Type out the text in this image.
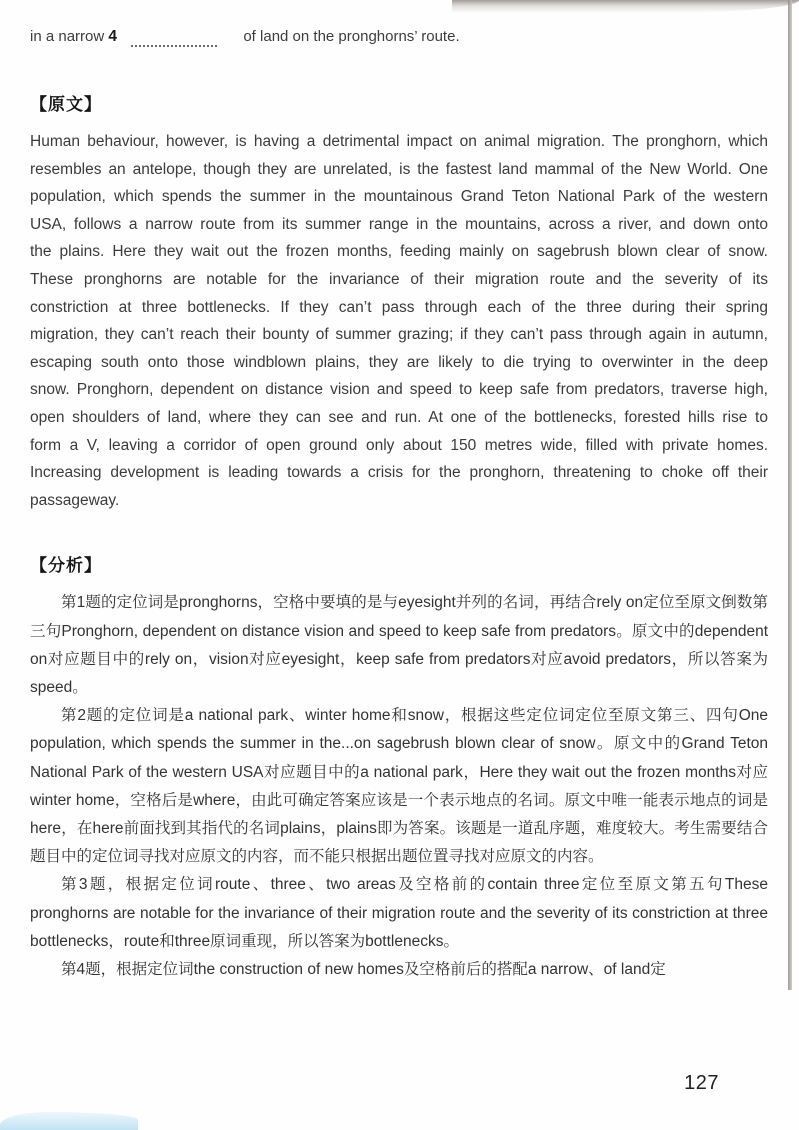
in a narrow 4	of land on the pronghorns’ route.

【原文】

Human behaviour, however, is having a detrimental impact on animal migration. The pronghorn, which resembles an antelope, though they are unrelated, is the fastest land mammal of the New World. One population, which spends the summer in the mountainous Grand Teton National Park of the western USA, follows a narrow route from its summer range in the mountains, across a river, and down onto the plains. Here they wait out the frozen months, feeding mainly on sagebrush blown clear of snow. These pronghorns are notable for the invariance of their migration route and the severity of its constriction at three bottlenecks. If they can’t pass through each of the three during their spring migration, they can’t reach their bounty of summer grazing; if they can’t pass through again in autumn, escaping south onto those windblown plains, they are likely to die trying to overwinter in the deep snow. Pronghorn, dependent on distance vision and speed to keep safe from predators, traverse high, open shoulders of land, where they can see and run. At one of the bottlenecks, forested hills rise to form a V, leaving a corridor of open ground only about 150 metres wide, filled with private homes. Increasing development is leading towards a crisis for the pronghorn, threatening to choke off their passageway.

【分析】

第1题的定位词是pronghorns，空格中要填的是与eyesight并列的名词，再结合rely on定位至原文倒数第三句Pronghorn, dependent on distance vision and speed to keep safe from predators。原文中的dependent on对应题目中的rely on，vision对应eyesight，keep safe from predators对应avoid predators，所以答案为speed。

第2题的定位词是a national park、winter home和snow，根据这些定位词定位至原文第三、四句One population, which spends the summer in the...on sagebrush blown clear of snow。原文中的Grand Teton National Park of the western USA对应题目中的a national park，Here they wait out the frozen months对应winter home，空格后是where，由此可确定答案应该是一个表示地点的名词。原文中唯一能表示地点的词是here，在here前面找到其指代的名词plains，plains即为答案。该题是一道乱序题，难度较大。考生需要结合题目中的定位词寻找对应原文的内容，而不能只根据出题位置寻找对应原文的内容。

第3题，根据定位词route、three、two areas及空格前的contain three定位至原文第五句These pronghorns are notable for the invariance of their migration route and the severity of its constriction at three bottlenecks，route和three原词重现，所以答案为bottlenecks。

第4题，根据定位词the construction of new homes及空格前后的搭配a narrow、of land定

127
